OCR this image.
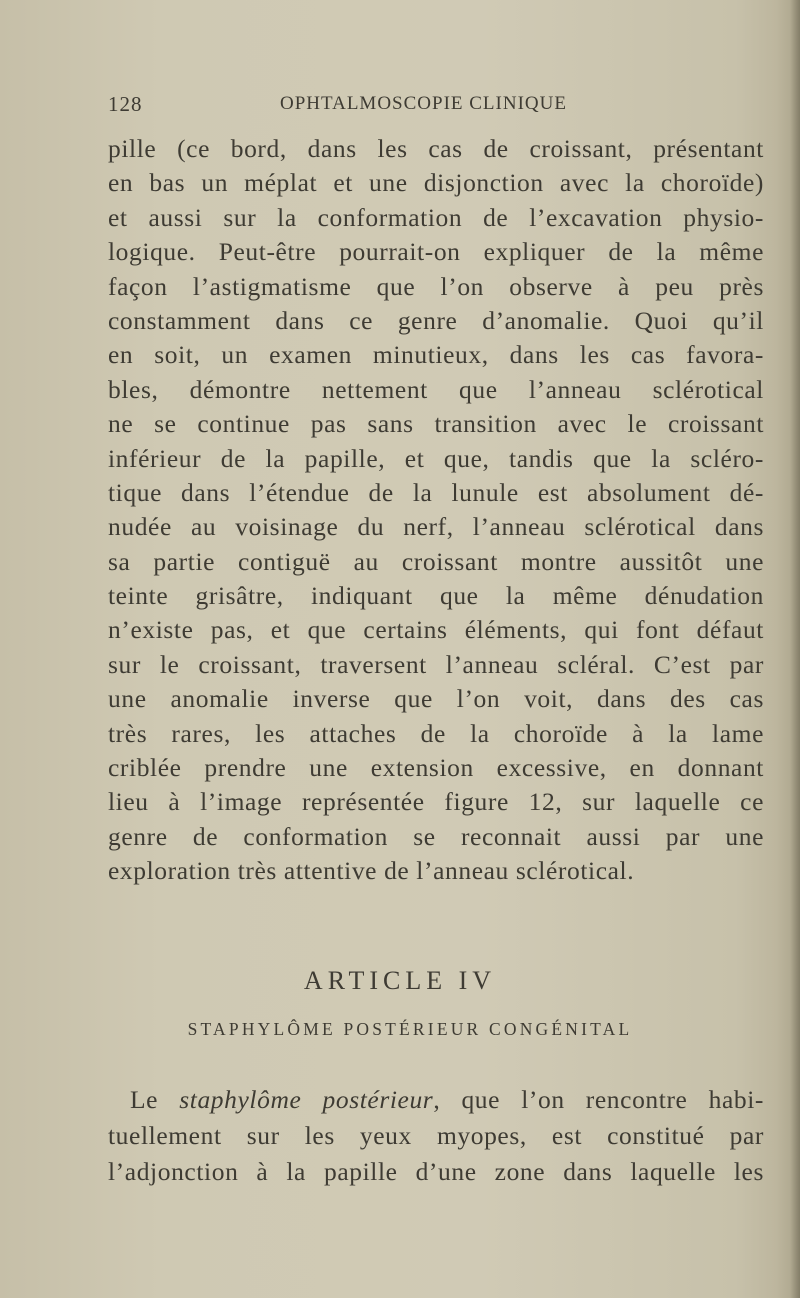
128	OPHTALMOSCOPIE CLINIQUE
pille (ce bord, dans les cas de croissant, présentant
en bas un méplat et une disjonction avec la choroïde)
et aussi sur la conformation de l’excavation physio-
logique. Peut-être pourrait-on expliquer de la même
façon l’astigmatisme que l’on observe à peu près
constamment dans ce genre d’anomalie. Quoi qu’il
en soit, un examen minutieux, dans les cas favora-
bles, démontre nettement que l’anneau sclérotical
ne se continue pas sans transition avec le croissant
inférieur de la papille, et que, tandis que la scléro-
tique dans l’étendue de la lunule est absolument dé-
nudée au voisinage du nerf, l’anneau sclérotical dans
sa partie contiguë au croissant montre aussitôt une
teinte grisâtre, indiquant que la même dénudation
n’existe pas, et que certains éléments, qui font défaut
sur le croissant, traversent l’anneau scléral. C’est par
une anomalie inverse que l’on voit, dans des cas
très rares, les attaches de la choroïde à la lame
criblée prendre une extension excessive, en donnant
lieu à l’image représentée figure 12, sur laquelle ce
genre de conformation se reconnait aussi par une
exploration très attentive de l’anneau sclérotical.
ARTICLE IV
STAPHYLÔME POSTÉRIEUR CONGÉNITAL
Le staphylôme postérieur, que l’on rencontre habi-
tuellement sur les yeux myopes, est constitué par
l’adjonction à la papille d’une zone dans laquelle les
